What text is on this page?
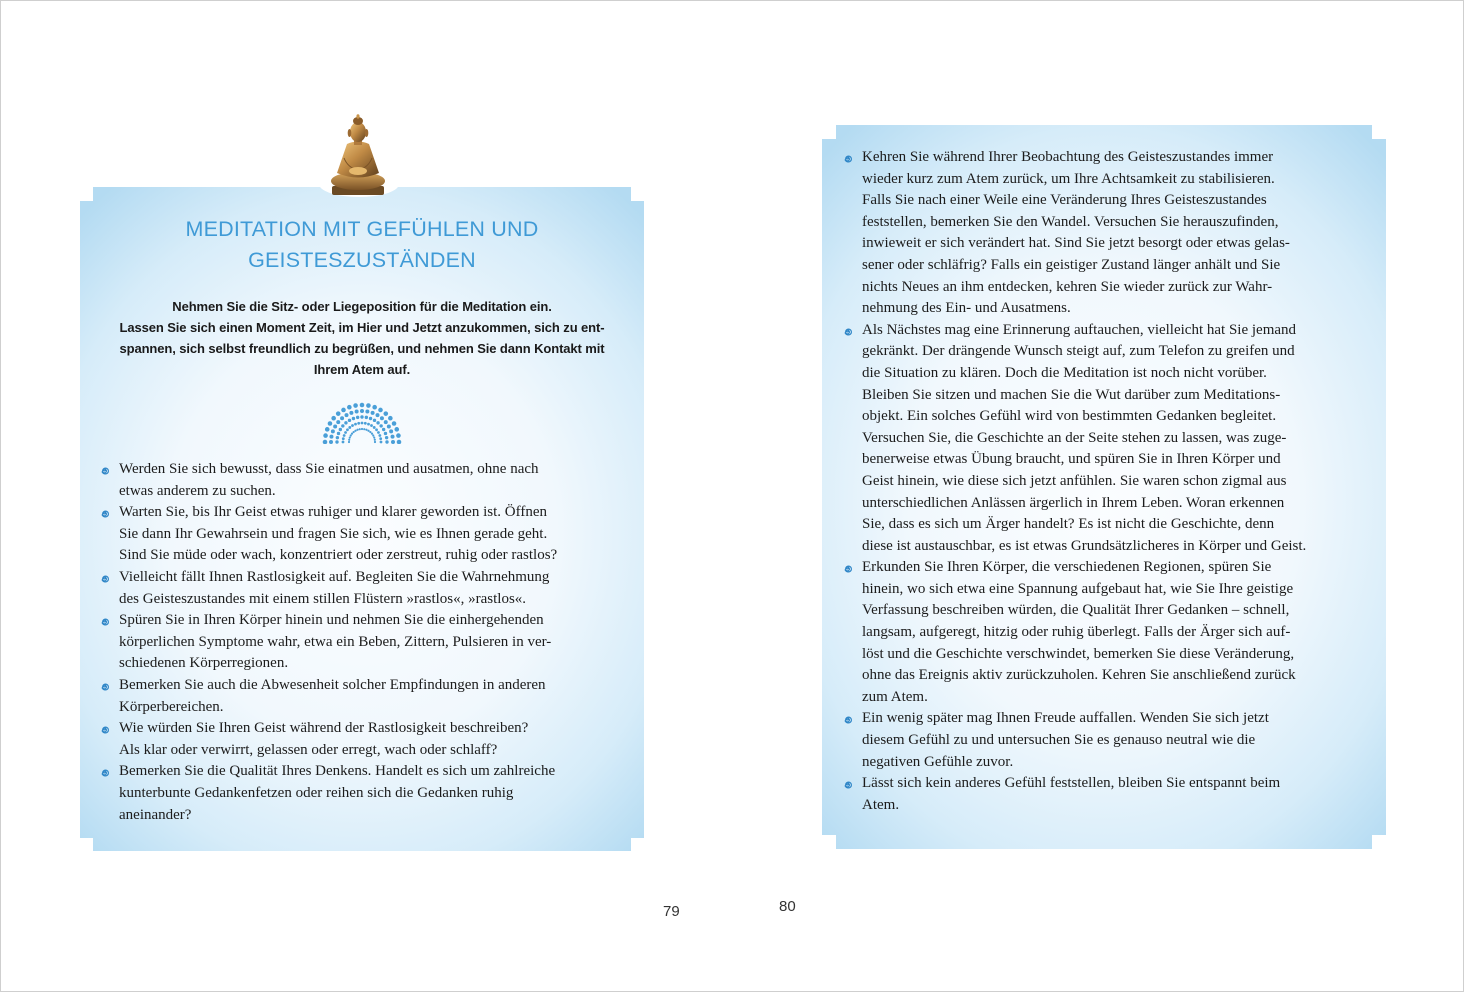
MEDITATION MIT GEFÜHLEN UND
GEISTESZUSTÄNDEN
Nehmen Sie die Sitz- oder Liegeposition für die Meditation ein.
Lassen Sie sich einen Moment Zeit, im Hier und Jetzt anzukommen, sich zu ent-
spannen, sich selbst freundlich zu begrüßen, und nehmen Sie dann Kontakt mit
Ihrem Atem auf.
Werden Sie sich bewusst, dass Sie einatmen und ausatmen, ohne nach
etwas anderem zu suchen.
Warten Sie, bis Ihr Geist etwas ruhiger und klarer geworden ist. Öffnen
Sie dann Ihr Gewahrsein und fragen Sie sich, wie es Ihnen gerade geht.
Sind Sie müde oder wach, konzentriert oder zerstreut, ruhig oder rastlos?
Vielleicht fällt Ihnen Rastlosigkeit auf. Begleiten Sie die Wahrnehmung
des Geisteszustandes mit einem stillen Flüstern »rastlos«, »rastlos«.
Spüren Sie in Ihren Körper hinein und nehmen Sie die einhergehenden
körperlichen Symptome wahr, etwa ein Beben, Zittern, Pulsieren in ver-
schiedenen Körperregionen.
Bemerken Sie auch die Abwesenheit solcher Empfindungen in anderen
Körperbereichen.
Wie würden Sie Ihren Geist während der Rastlosigkeit beschreiben?
Als klar oder verwirrt, gelassen oder erregt, wach oder schlaff?
Bemerken Sie die Qualität Ihres Denkens. Handelt es sich um zahlreiche
kunterbunte Gedankenfetzen oder reihen sich die Gedanken ruhig
aneinander?
79
Kehren Sie während Ihrer Beobachtung des Geisteszustandes immer
wieder kurz zum Atem zurück, um Ihre Achtsamkeit zu stabilisieren.
Falls Sie nach einer Weile eine Veränderung Ihres Geisteszustandes
feststellen, bemerken Sie den Wandel. Versuchen Sie herauszufinden,
inwieweit er sich verändert hat. Sind Sie jetzt besorgt oder etwas gelas-
sener oder schläfrig? Falls ein geistiger Zustand länger anhält und Sie
nichts Neues an ihm entdecken, kehren Sie wieder zurück zur Wahr-
nehmung des Ein- und Ausatmens.
Als Nächstes mag eine Erinnerung auftauchen, vielleicht hat Sie jemand
gekränkt. Der drängende Wunsch steigt auf, zum Telefon zu greifen und
die Situation zu klären. Doch die Meditation ist noch nicht vorüber.
Bleiben Sie sitzen und machen Sie die Wut darüber zum Meditations-
objekt. Ein solches Gefühl wird von bestimmten Gedanken begleitet.
Versuchen Sie, die Geschichte an der Seite stehen zu lassen, was zuge-
benerweise etwas Übung braucht, und spüren Sie in Ihren Körper und
Geist hinein, wie diese sich jetzt anfühlen. Sie waren schon zigmal aus
unterschiedlichen Anlässen ärgerlich in Ihrem Leben. Woran erkennen
Sie, dass es sich um Ärger handelt? Es ist nicht die Geschichte, denn
diese ist austauschbar, es ist etwas Grundsätzlicheres in Körper und Geist.
Erkunden Sie Ihren Körper, die verschiedenen Regionen, spüren Sie
hinein, wo sich etwa eine Spannung aufgebaut hat, wie Sie Ihre geistige
Verfassung beschreiben würden, die Qualität Ihrer Gedanken – schnell,
langsam, aufgeregt, hitzig oder ruhig überlegt. Falls der Ärger sich auf-
löst und die Geschichte verschwindet, bemerken Sie diese Veränderung,
ohne das Ereignis aktiv zurückzuholen. Kehren Sie anschließend zurück
zum Atem.
Ein wenig später mag Ihnen Freude auffallen. Wenden Sie sich jetzt
diesem Gefühl zu und untersuchen Sie es genauso neutral wie die
negativen Gefühle zuvor.
Lässt sich kein anderes Gefühl feststellen, bleiben Sie entspannt beim
Atem.
80
